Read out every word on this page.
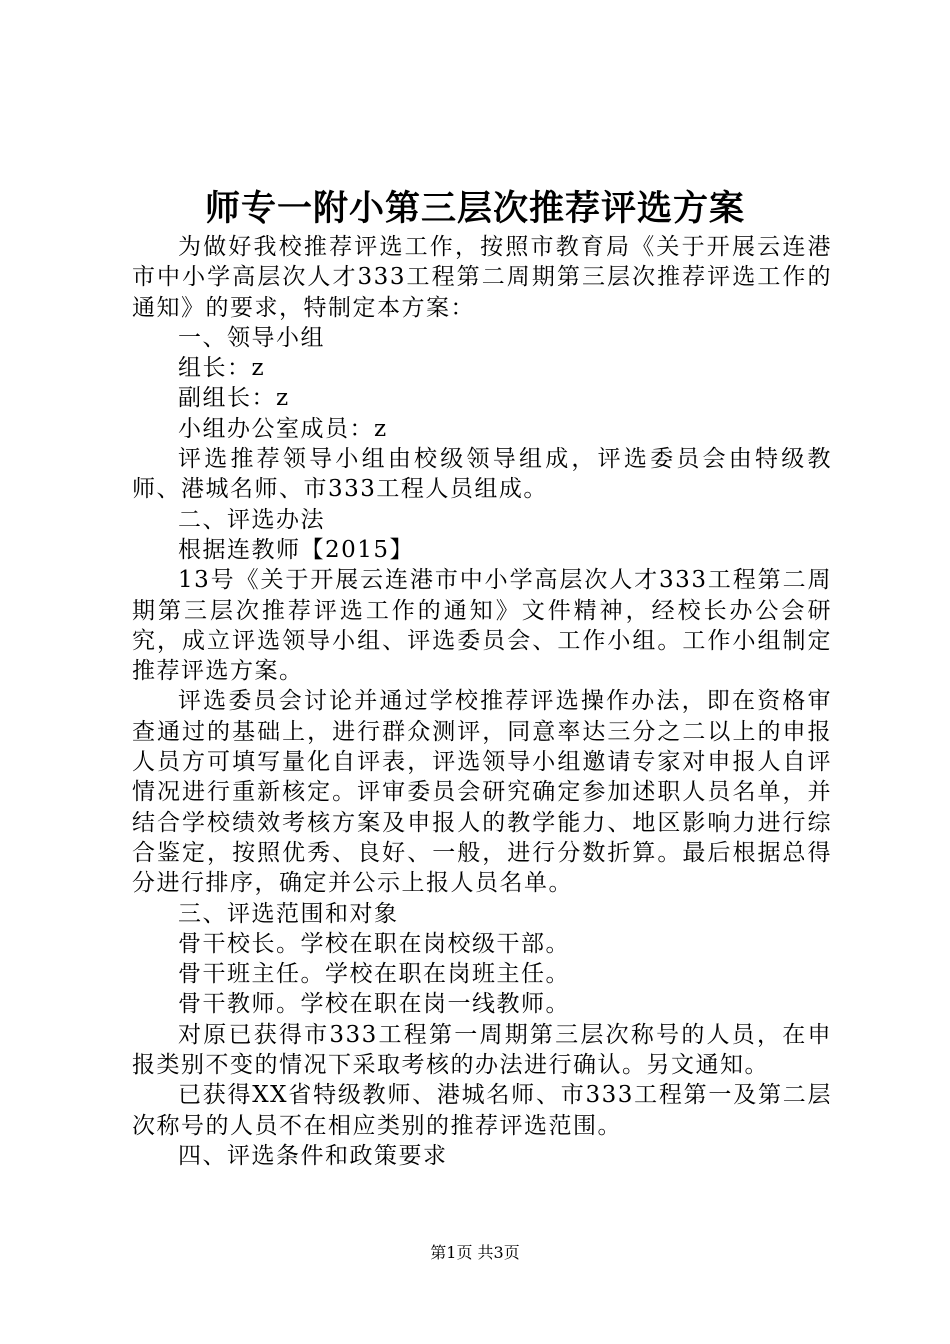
师专一附小第三层次推荐评选方案

为做好我校推荐评选工作，按照市教育局《关于开展云连港市中小学高层次人才333工程第二周期第三层次推荐评选工作的通知》的要求，特制定本方案：

一、领导小组

组长：z

副组长：z

小组办公室成员：z

评选推荐领导小组由校级领导组成，评选委员会由特级教师、港城名师、市333工程人员组成。

二、评选办法

根据连教师【2015】

13号《关于开展云连港市中小学高层次人才333工程第二周期第三层次推荐评选工作的通知》文件精神，经校长办公会研究，成立评选领导小组、评选委员会、工作小组。工作小组制定推荐评选方案。

评选委员会讨论并通过学校推荐评选操作办法，即在资格审查通过的基础上，进行群众测评，同意率达三分之二以上的申报人员方可填写量化自评表，评选领导小组邀请专家对申报人自评情况进行重新核定。评审委员会研究确定参加述职人员名单，并结合学校绩效考核方案及申报人的教学能力、地区影响力进行综合鉴定，按照优秀、良好、一般，进行分数折算。最后根据总得分进行排序，确定并公示上报人员名单。

三、评选范围和对象

骨干校长。学校在职在岗校级干部。

骨干班主任。学校在职在岗班主任。

骨干教师。学校在职在岗一线教师。

对原已获得市333工程第一周期第三层次称号的人员，在申报类别不变的情况下采取考核的办法进行确认。另文通知。

已获得XX省特级教师、港城名师、市333工程第一及第二层次称号的人员不在相应类别的推荐评选范围。

四、评选条件和政策要求

第1页 共3页
